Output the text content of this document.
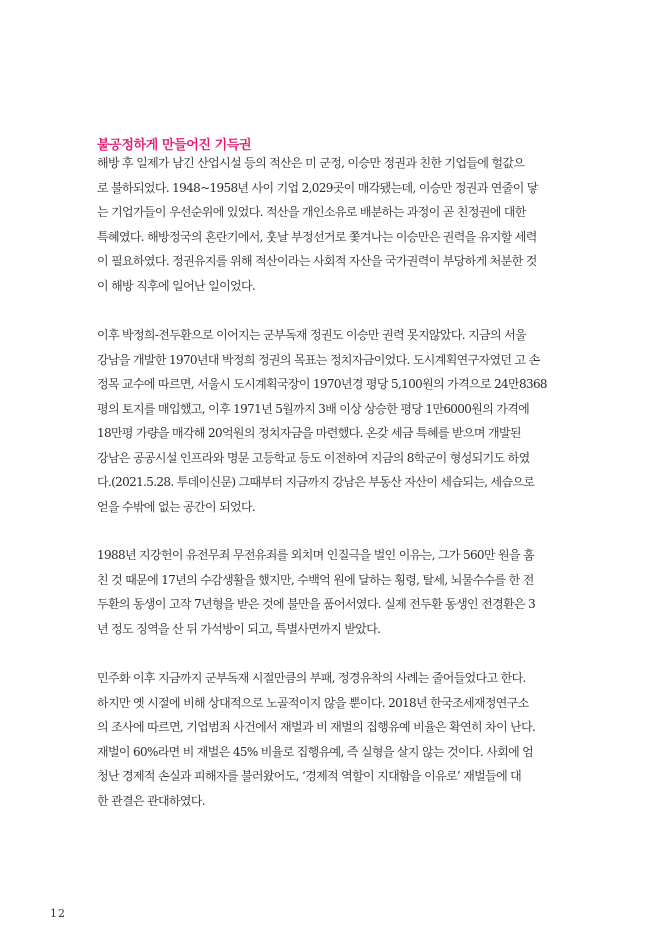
불공정하게 만들어진 기득권
해방 후 일제가 남긴 산업시설 등의 적산은 미 군정, 이승만 정권과 친한 기업들에 헐값으
로 불하되었다. 1948~1958년 사이 기업 2,029곳이 매각됐는데, 이승만 정권과 연줄이 닿
는 기업가들이 우선순위에 있었다. 적산을 개인소유로 배분하는 과정이 곧 친정권에 대한
특혜였다. 해방정국의 혼란기에서, 훗날 부정선거로 쫓겨나는 이승만은 권력을 유지할 세력
이 필요하였다. 정권유지를 위해 적산이라는 사회적 자산을 국가권력이 부당하게 처분한 것
이 해방 직후에 일어난 일이었다.
이후 박정희-전두환으로 이어지는 군부독재 정권도 이승만 권력 못지않았다. 지금의 서울
강남을 개발한 1970년대 박정희 정권의 목표는 정치자금이었다. 도시계획연구자였던 고 손
정목 교수에 따르면, 서울시 도시계획국장이 1970년경 평당 5,100원의 가격으로 24만8368
평의 토지를 매입했고, 이후 1971년 5월까지 3배 이상 상승한 평당 1만6000원의 가격에
18만평 가량을 매각해 20억원의 정치자금을 마련했다. 온갖 세금 특혜를 받으며 개발된
강남은 공공시설 인프라와 명문 고등학교 등도 이전하여 지금의 8학군이 형성되기도 하였
다.(2021.5.28. 투데이신문) 그때부터 지금까지 강남은 부동산 자산이 세습되는, 세습으로
얻을 수밖에 없는 공간이 되었다.
1988년 지강헌이 유전무죄 무전유죄를 외치며 인질극을 벌인 이유는, 그가 560만 원을 훔
친 것 때문에 17년의 수감생활을 했지만, 수백억 원에 달하는 횡령, 탈세, 뇌물수수를 한 전
두환의 동생이 고작 7년형을 받은 것에 불만을 품어서였다. 실제 전두환 동생인 전경환은 3
년 정도 징역을 산 뒤 가석방이 되고, 특별사면까지 받았다.
민주화 이후 지금까지 군부독재 시절만큼의 부패, 정경유착의 사례는 줄어들었다고 한다.
하지만 옛 시절에 비해 상대적으로 노골적이지 않을 뿐이다. 2018년 한국조세재정연구소
의 조사에 따르면, 기업범죄 사건에서 재벌과 비 재벌의 집행유예 비율은 확연히 차이 난다.
재벌이 60%라면 비 재벌은 45% 비율로 집행유예, 즉 실형을 살지 않는 것이다. 사회에 엄
청난 경제적 손실과 피해자를 불러왔어도, ‘경제적 역할이 지대함을 이유로’ 재벌들에 대
한 관결은 관대하였다.
12
